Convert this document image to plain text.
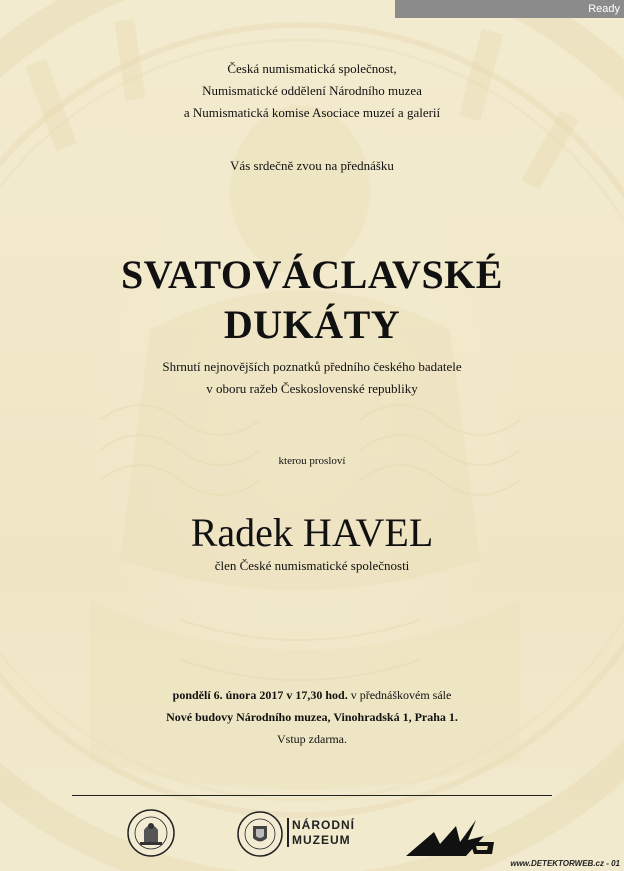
Ready
Česká numismatická společnost,
Numismatické oddělení Národního muzea
a Numismatická komise Asociace muzeí a galerií
Vás srdečně zvou na přednášku
SVATOVÁCLAVSKÉ
DUKÁTY
Shrnutí nejnovějších poznatků předního českého badatele
v oboru ražeb Československé republiky
kterou prosloví
Radek HAVEL
člen České numismatické společnosti
pondělí 6. února 2017 v 17,30 hod. v přednáškovém sále
Nové budovy Národního muzea, Vinohradská 1, Praha 1.
Vstup zdarma.
NÁRODNÍ
MUZEUM
www.DETEKTORWEB.cz - 01
